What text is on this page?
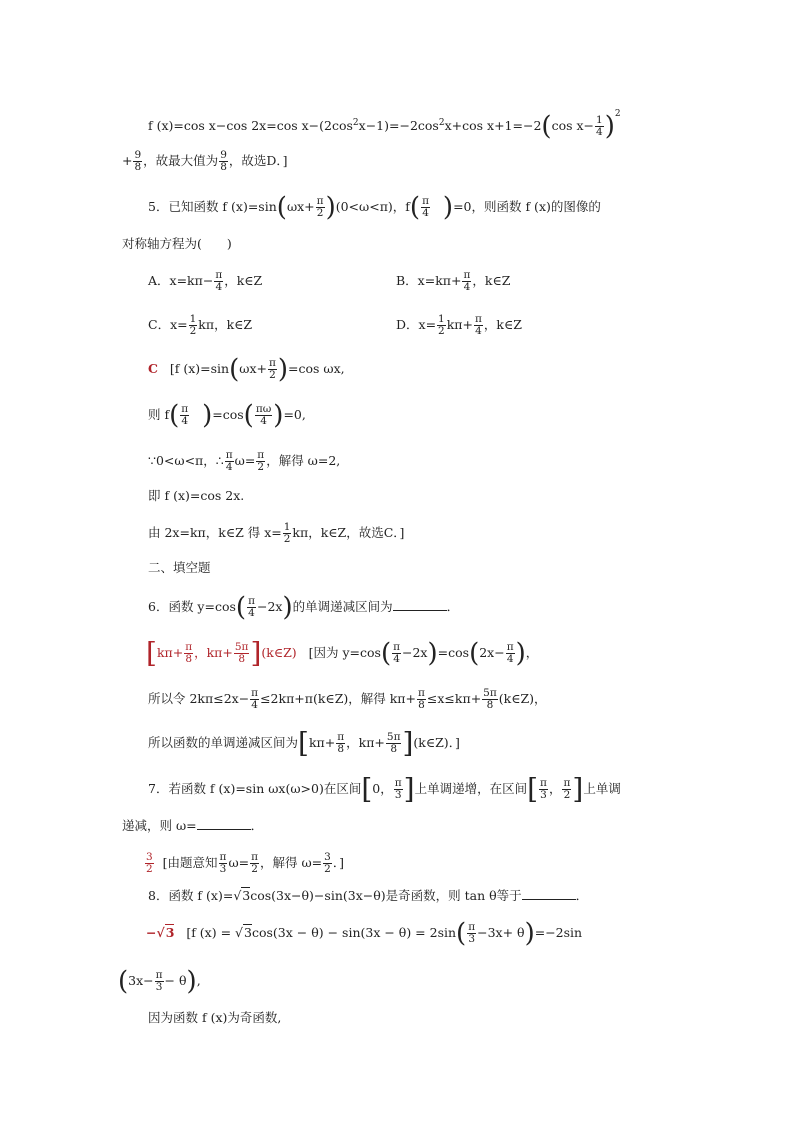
f (x)=cos x−cos 2x=cos $x-(2\cos^2x-1)=-2\cos^2x+\cos$ x+1=−2(cos $x- \frac{1}{4} )^2$
+ $\frac{9}{8}$ ，故最大值为 $\frac{9}{8}$ ，故选D．]
5．已知函数 f $(x)=\sin(\omega x+ \frac{\pi}{2} )(0<\omega<\pi)$，$f( \frac{\pi}{4} )=0$，则函数 f (x)的图像的
对称轴方程为(　　)
A．$x=k\pi- \frac{\pi}{4}$ ，k∈Z	B．$x=k\pi+ \frac{\pi}{4}$ ，k∈Z
C．$x= \frac{1}{2}$ kπ，k∈Z	D．$x= \frac{1}{2} k\pi+ \frac{\pi}{4}$ ，k∈Z
C [f $(x)=\sin(\omega x+ \frac{\pi}{2} )=\cos$ ωx,
则 $f( \frac{\pi}{4} )=\cos( \frac{\pi\omega}{4} )=0$,
∵0<ω<π，∴ $\frac{\pi}{4} \omega= \frac{\pi}{2}$ ，解得 ω=2,
即 f (x)=cos 2x.
由 2x=kπ，k∈Z 得 $x= \frac{1}{2}$ kπ，k∈Z，故选C．]
二、填空题
6．函数 $y=\cos( \frac{\pi}{4} -2x)$的单调递减区间为	．
[$k\pi+ \frac{\pi}{8}$ ，$k\pi+ \frac{5\pi}{8}$ ](k∈Z) [因为 $y=\cos( \frac{\pi}{4} -2x)=\cos(2x- \frac{\pi}{4}$ )，
所以令 $2k\pi\le 2x- \frac{\pi}{4}$ ≤2kπ+π(k∈Z)，解得 $k\pi+ \frac{\pi}{8} \le x\le k\pi+ \frac{5\pi}{8}$ (k∈Z)，
所以函数的单调递减区间为[$k\pi+ \frac{\pi}{8}$ ，$k\pi+ \frac{5\pi}{8}$ ](k∈Z)．]
7．若函数 f (x)=sin ωx(ω>0)在区间[0， $\frac{\pi}{3}$ ]上单调递增，在区间[ $\frac{\pi}{3}$ ， $\frac{\pi}{2}$ ]上单调
递减，则 ω=	．
$\frac{3}{2}$ [由题意知 $\frac{\pi}{3} \omega= \frac{\pi}{2}$ ，解得 $\omega= \frac{3}{2}$ ．]
8．函数 f (x)=√3cos(3x−θ)−sin(3x−θ)是奇函数，则 tan θ等于	．
−√3 [f $(x) = √3\cos(3x - \theta) - \sin(3x - \theta) = 2\sin( \frac{\pi}{3} -3x+ \theta)=-2\sin$
$(3x- \frac{\pi}{3} - \theta)$,
因为函数 f (x)为奇函数,
